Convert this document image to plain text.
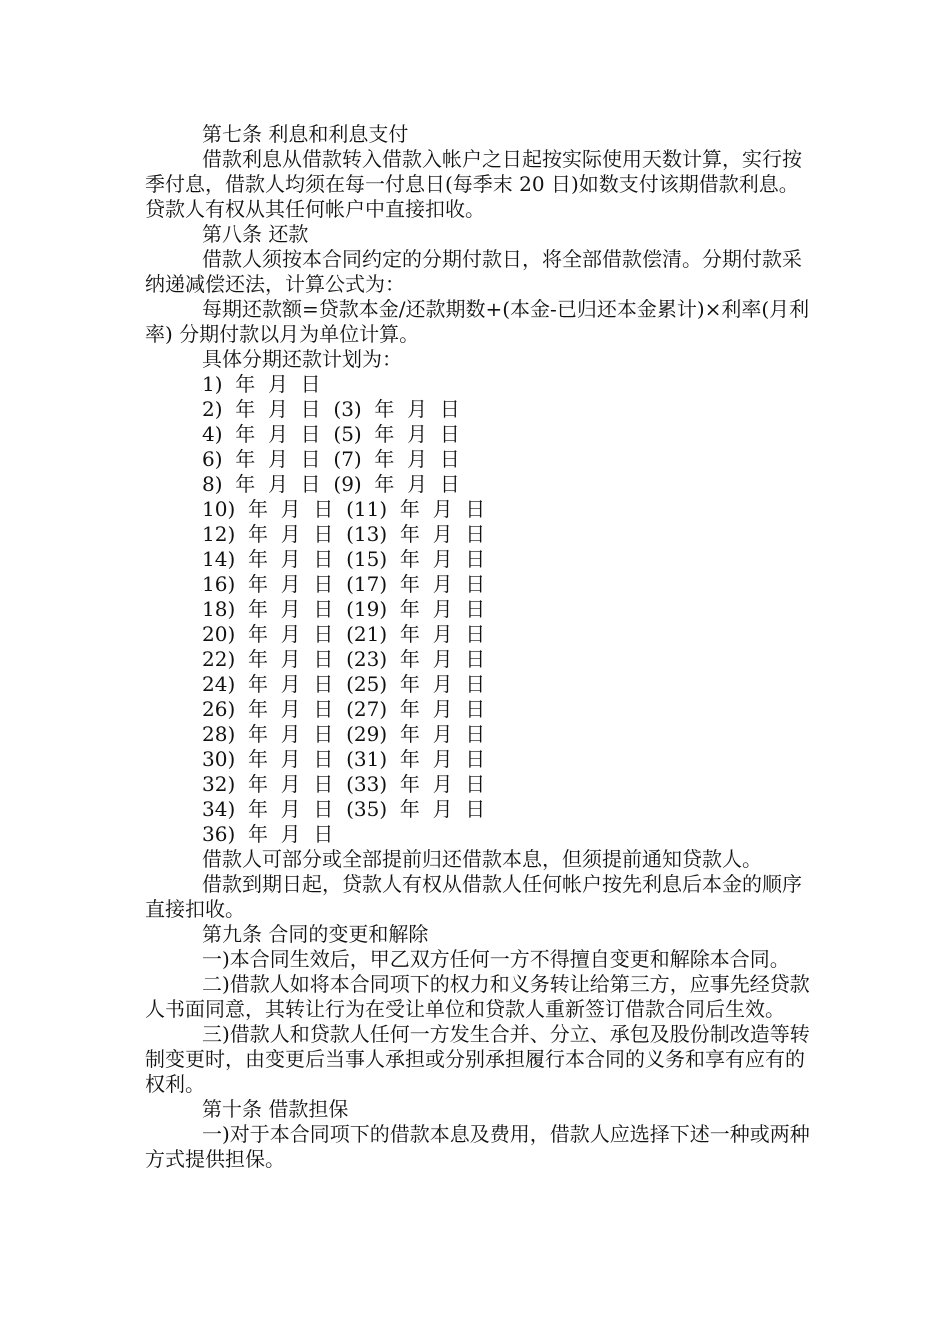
第七条 利息和利息支付

借款利息从借款转入借款入帐户之日起按实际使用天数计算，实行按季付息，借款人均须在每一付息日(每季末 20 日)如数支付该期借款利息。贷款人有权从其任何帐户中直接扣收。

第八条 还款

借款人须按本合同约定的分期付款日，将全部借款偿清。分期付款采纳递减偿还法，计算公式为：

每期还款额=贷款本金/还款期数+(本金-已归还本金累计)×利率(月利率) 分期付款以月为单位计算。

具体分期还款计划为：

1)  年  月  日

2)  年  月  日  (3)  年  月  日

4)  年  月  日  (5)  年  月  日

6)  年  月  日  (7)  年  月  日

8)  年  月  日  (9)  年  月  日

10)  年  月  日  (11)  年  月  日

12)  年  月  日  (13)  年  月  日

14)  年  月  日  (15)  年  月  日

16)  年  月  日  (17)  年  月  日

18)  年  月  日  (19)  年  月  日

20)  年  月  日  (21)  年  月  日

22)  年  月  日  (23)  年  月  日

24)  年  月  日  (25)  年  月  日

26)  年  月  日  (27)  年  月  日

28)  年  月  日  (29)  年  月  日

30)  年  月  日  (31)  年  月  日

32)  年  月  日  (33)  年  月  日

34)  年  月  日  (35)  年  月  日

36)  年  月  日

借款人可部分或全部提前归还借款本息，但须提前通知贷款人。

借款到期日起，贷款人有权从借款人任何帐户按先利息后本金的顺序直接扣收。

第九条 合同的变更和解除

一)本合同生效后，甲乙双方任何一方不得擅自变更和解除本合同。

二)借款人如将本合同项下的权力和义务转让给第三方，应事先经贷款人书面同意，其转让行为在受让单位和贷款人重新签订借款合同后生效。

三)借款人和贷款人任何一方发生合并、分立、承包及股份制改造等转制变更时，由变更后当事人承担或分别承担履行本合同的义务和享有应有的权利。

第十条 借款担保

一)对于本合同项下的借款本息及费用，借款人应选择下述一种或两种方式提供担保。
